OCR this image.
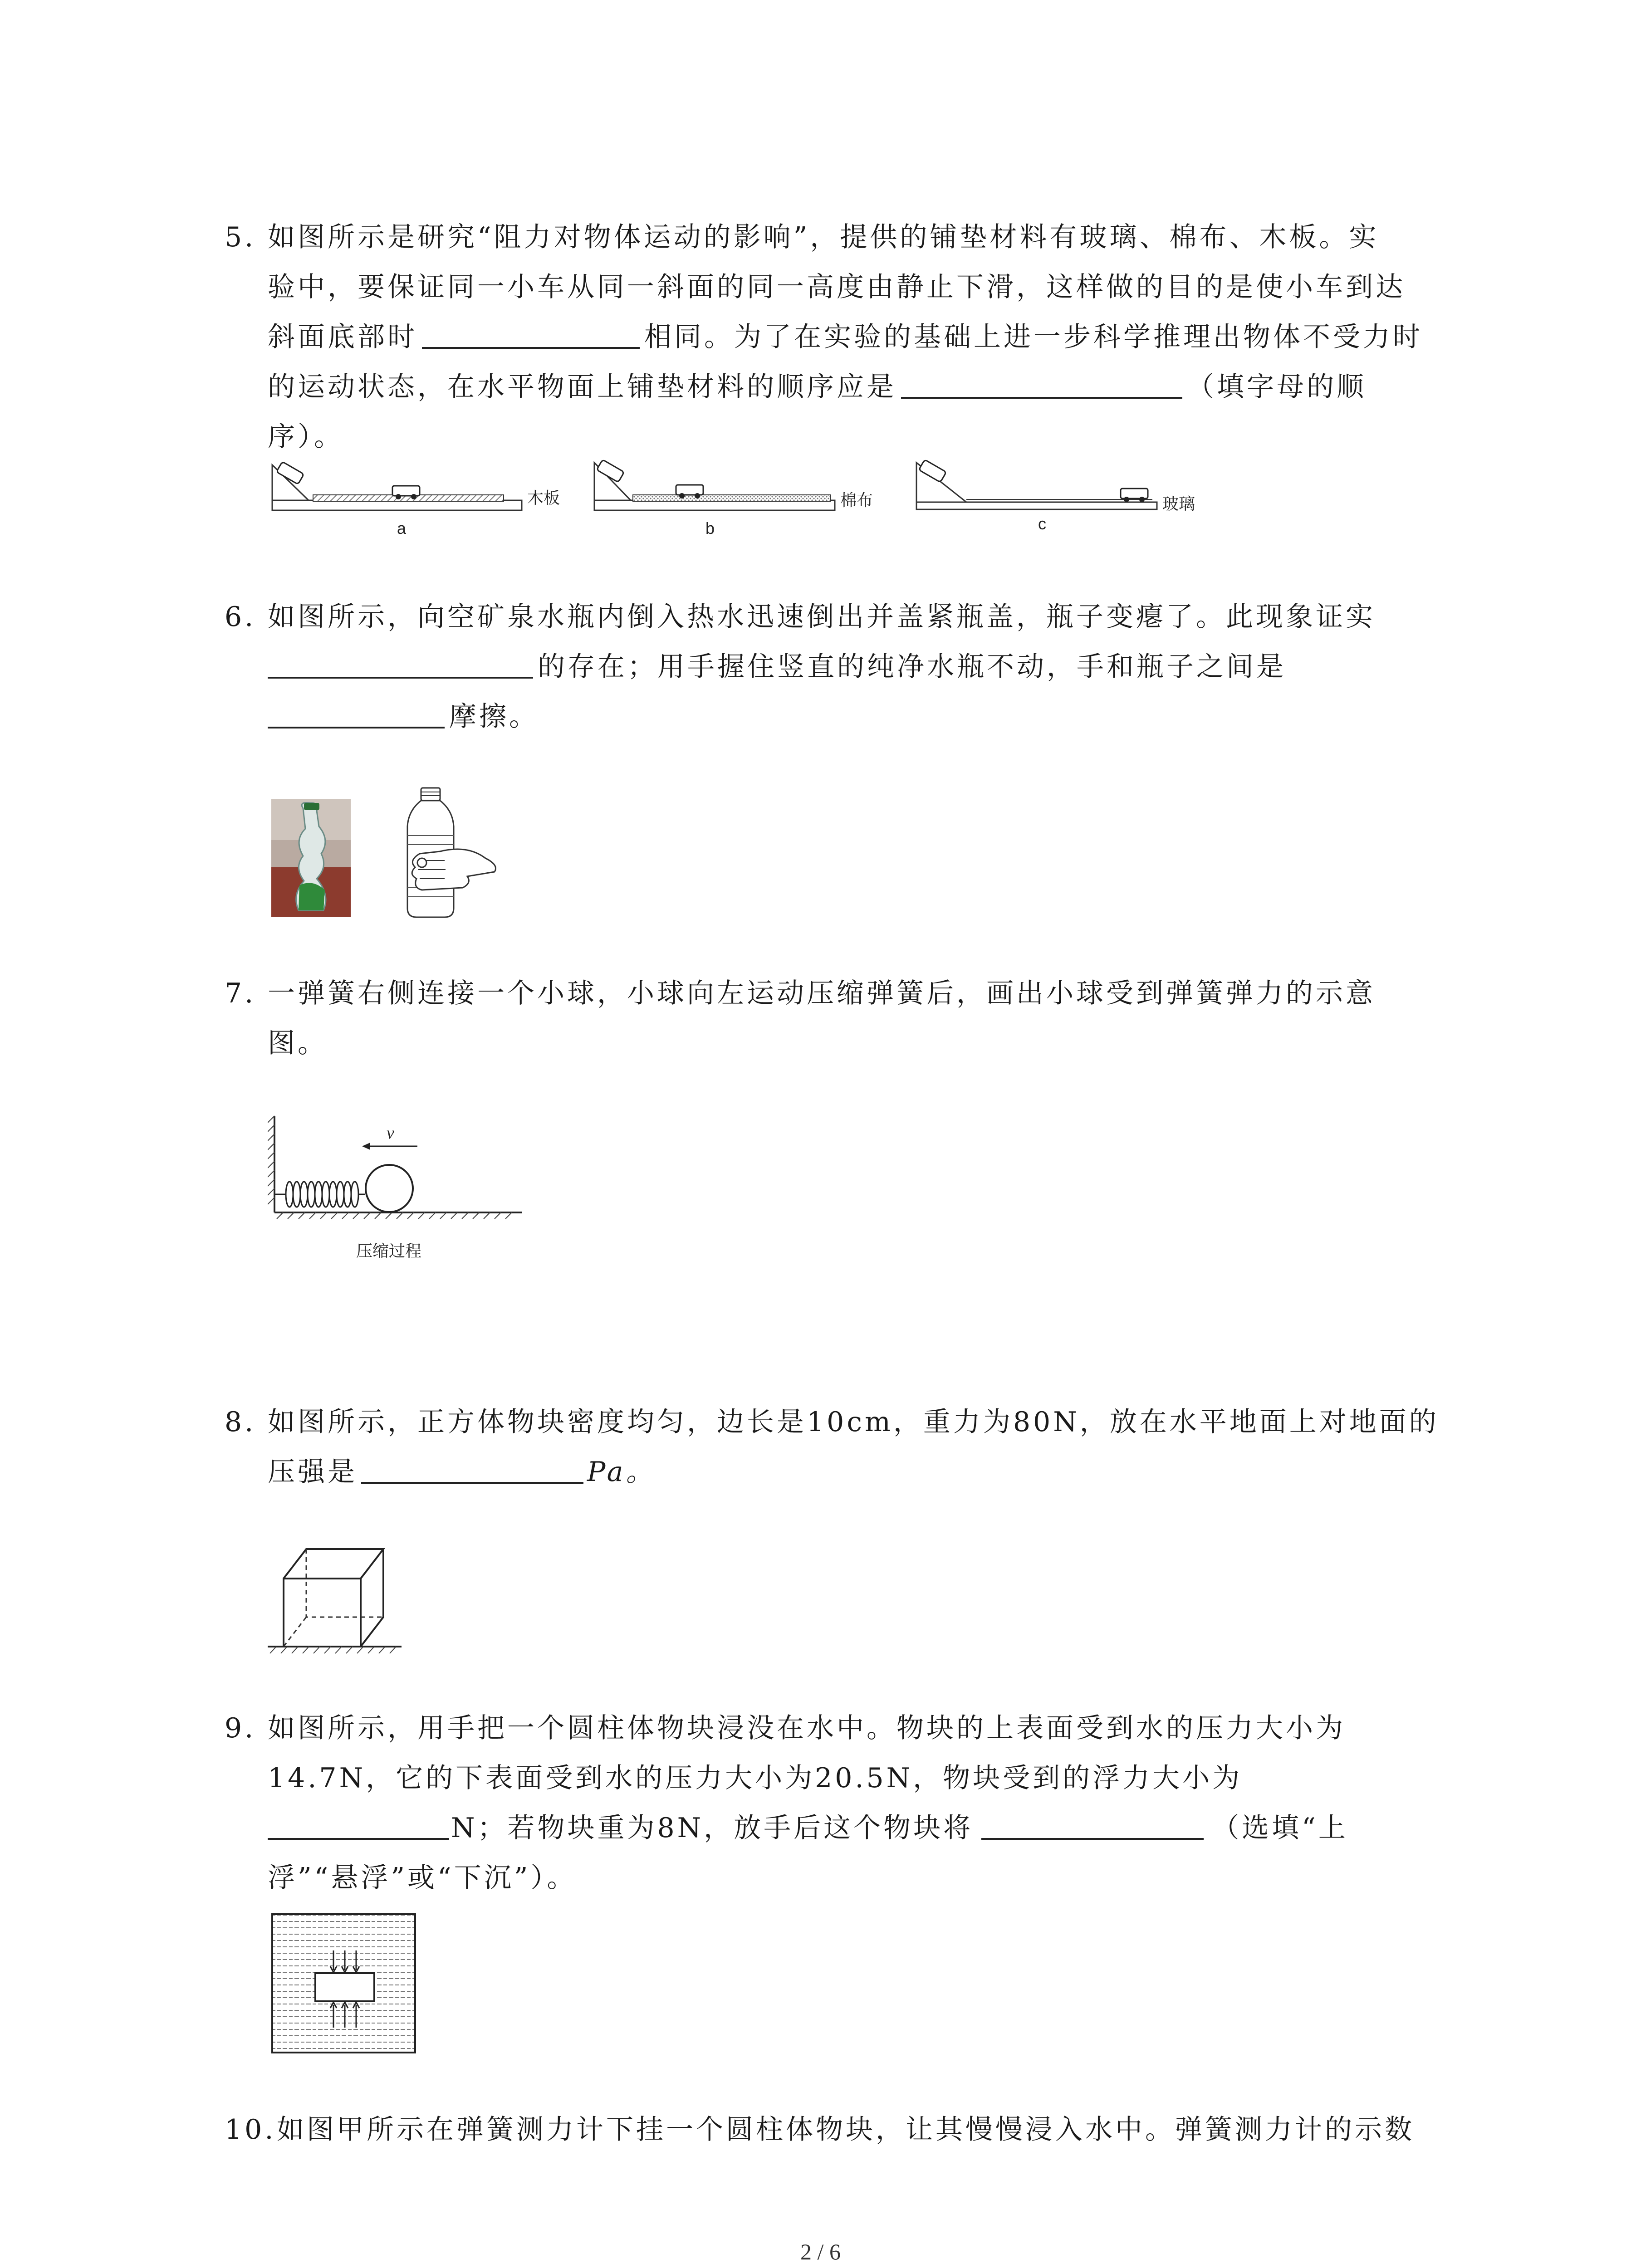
5. 如图所示是研究“阻力对物体运动的影响”，提供的铺垫材料有玻璃、棉布、木板。实
验中，要保证同一小车从同一斜面的同一高度由静止下滑，这样做的目的是使小车到达
斜面底部时	相同。为了在实验的基础上进一步科学推理出物体不受力时
的运动状态，在水平物面上铺垫材料的顺序应是	（填字母的顺
序）。
木板
a
棉布
b
玻璃
c
6. 如图所示，向空矿泉水瓶内倒入热水迅速倒出并盖紧瓶盖，瓶子变瘪了。此现象证实
的存在；用手握住竖直的纯净水瓶不动，手和瓶子之间是
摩擦。
7. 一弹簧右侧连接一个小球，小球向左运动压缩弹簧后，画出小球受到弹簧弹力的示意
图。
v
压缩过程
8. 如图所示，正方体物块密度均匀，边长是10cm，重力为80N，放在水平地面上对地面的
压强是	Pa。
9. 如图所示，用手把一个圆柱体物块浸没在水中。物块的上表面受到水的压力大小为
14.7N，它的下表面受到水的压力大小为20.5N，物块受到的浮力大小为
N；若物块重为8N，放手后这个物块将	（选填“上
浮”“悬浮”或“下沉”）。
10. 如图甲所示在弹簧测力计下挂一个圆柱体物块，让其慢慢浸入水中。弹簧测力计的示数
2 / 6
